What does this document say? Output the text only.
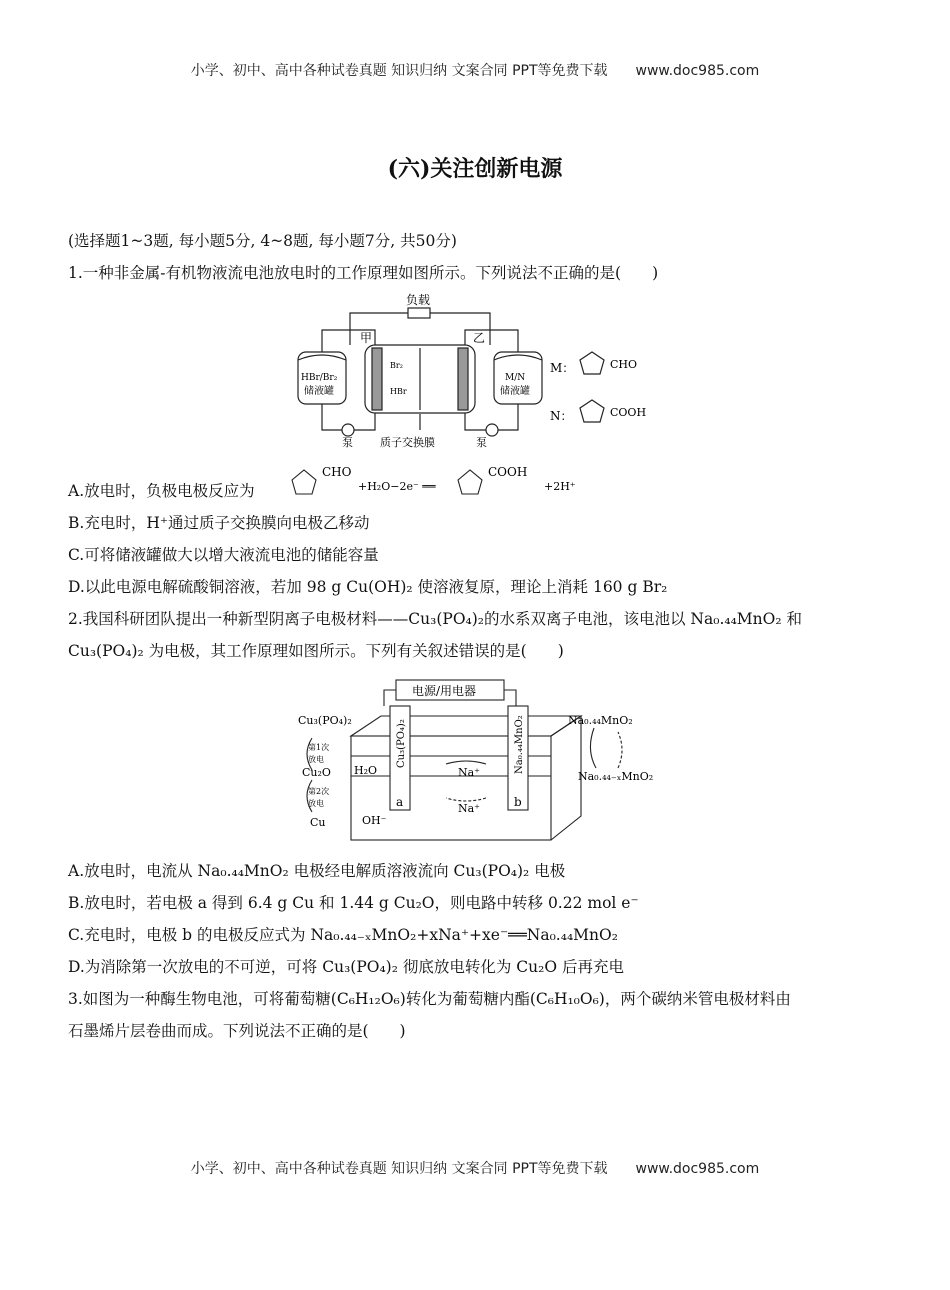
小学、初中、高中各种试卷真题 知识归纳 文案合同 PPT等免费下载 www.doc985.com
(六)关注创新电源
(选择题1~3题, 每小题5分, 4~8题, 每小题7分, 共50分)
1.一种非金属-有机物液流电池放电时的工作原理如图所示。下列说法不正确的是(　　)
负载
甲	乙
HBr/Br₂
储液罐
M/N
储液罐
Br₂
HBr
泵 质子交换膜	泵
M：	CHO
N：	COOH
A.放电时，负极电极反应为
CHO
+H₂O−2e⁻ ══
COOH
+2H⁺
B.充电时，H⁺通过质子交换膜向电极乙移动
C.可将储液罐做大以增大液流电池的储能容量
D.以此电源电解硫酸铜溶液，若加 98 g Cu(OH)₂ 使溶液复原，理论上消耗 160 g Br₂
2.我国科研团队提出一种新型阴离子电极材料——Cu₃(PO₄)₂的水系双离子电池，该电池以 Na₀.₄₄MnO₂ 和
Cu₃(PO₄)₂ 为电极，其工作原理如图所示。下列有关叙述错误的是(　　)
电源/用电器
Cu₃(PO₄)₂
第1次
放电
Cu₂O
第2次
放电
Cu
H₂O
OH⁻
Na⁺
Na⁺
Cu₃(PO₄)₂	Na₀.₄₄MnO₂
a	b
Na₀.₄₄MnO₂
Na₀.₄₄₋ₓMnO₂
A.放电时，电流从 Na₀.₄₄MnO₂ 电极经电解质溶液流向 Cu₃(PO₄)₂ 电极
B.放电时，若电极 a 得到 6.4 g Cu 和 1.44 g Cu₂O，则电路中转移 0.22 mol e⁻
C.充电时，电极 b 的电极反应式为 Na₀.₄₄₋ₓMnO₂+xNa⁺+xe⁻══Na₀.₄₄MnO₂
D.为消除第一次放电的不可逆，可将 Cu₃(PO₄)₂ 彻底放电转化为 Cu₂O 后再充电
3.如图为一种酶生物电池，可将葡萄糖(C₆H₁₂O₆)转化为葡萄糖内酯(C₆H₁₀O₆)，两个碳纳米管电极材料由
石墨烯片层卷曲而成。下列说法不正确的是(　　)
小学、初中、高中各种试卷真题 知识归纳 文案合同 PPT等免费下载 www.doc985.com
